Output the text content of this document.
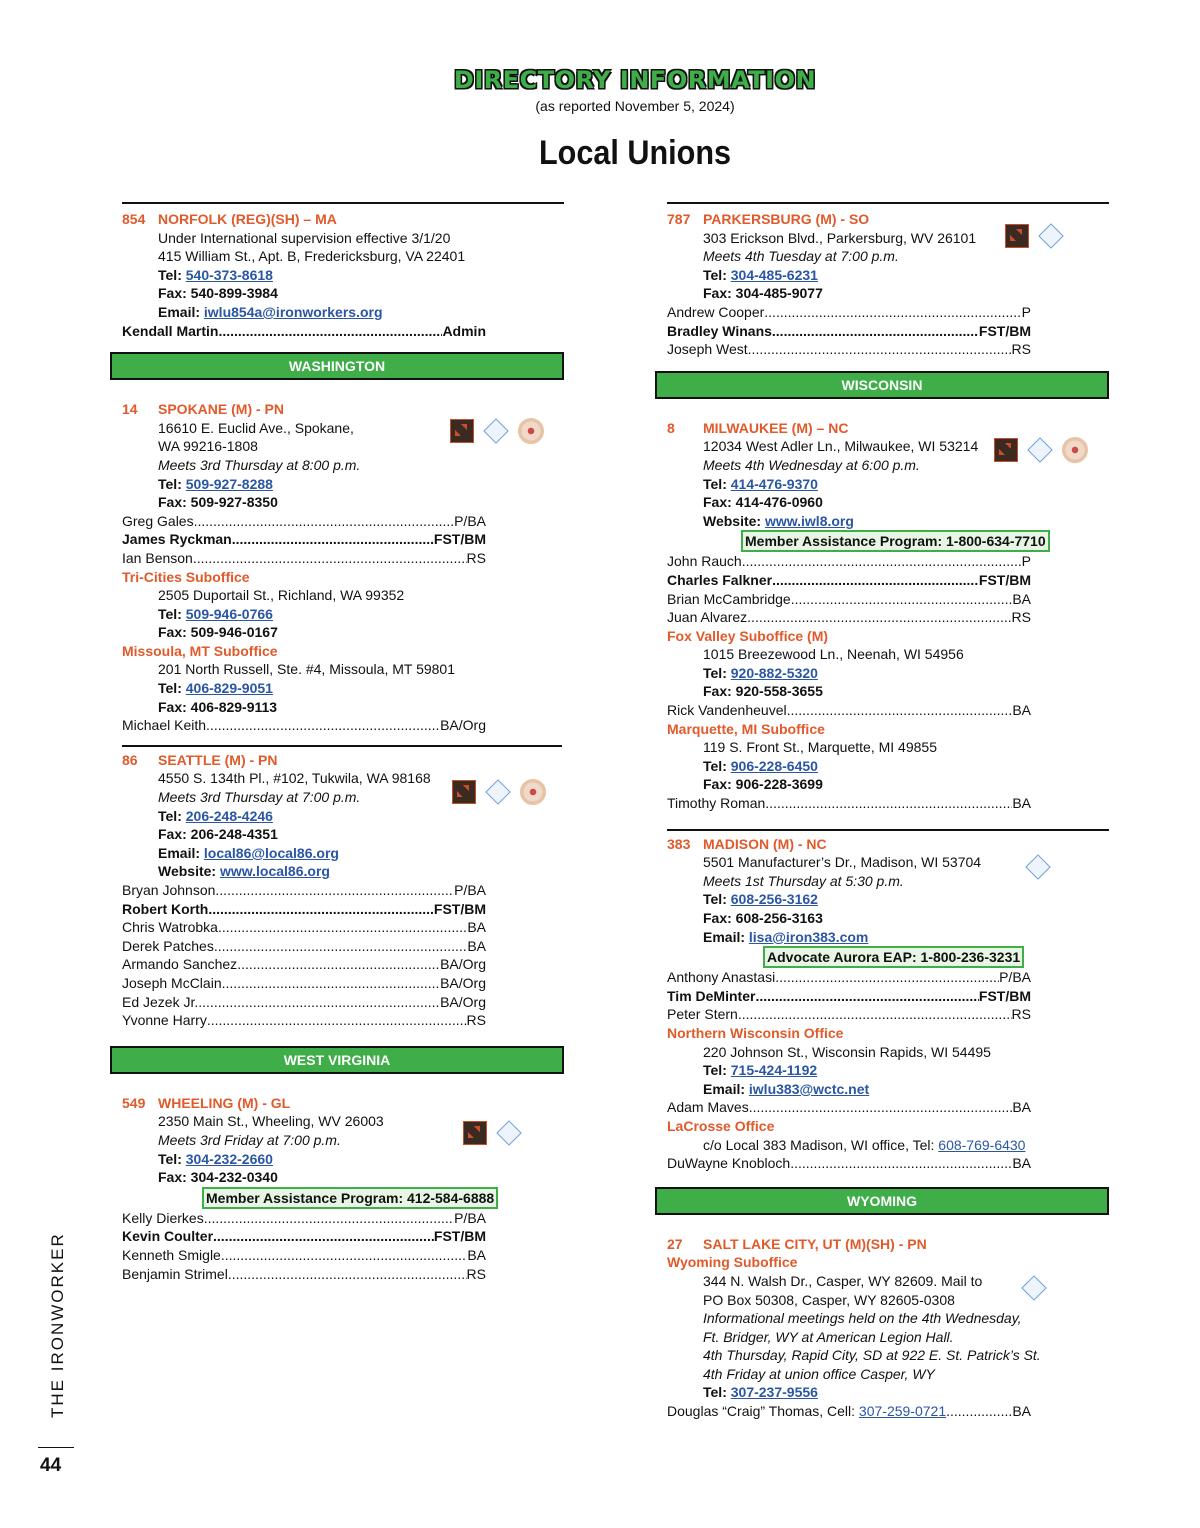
DIRECTORY INFORMATION
(as reported November 5, 2024)
Local Unions
854 NORFOLK (REG)(SH) – MA
Under International supervision effective 3/1/20
415 William St., Apt. B, Fredericksburg, VA 22401
Tel: 540-373-8618
Fax: 540-899-3984
Email: iwlu854a@ironworkers.org
Kendall Martin .....	Admin
WASHINGTON
14 SPOKANE (M) - PN
16610 E. Euclid Ave., Spokane,
WA 99216-1808
Meets 3rd Thursday at 8:00 p.m.
Tel: 509-927-8288
Fax: 509-927-8350
Greg Gales .....	P/BA
James Ryckman .....	FST/BM
Ian Benson .....	RS
Tri-Cities Suboffice
2505 Duportail St., Richland, WA 99352
Tel: 509-946-0766
Fax: 509-946-0167
Missoula, MT Suboffice
201 North Russell, Ste. #4, Missoula, MT 59801
Tel: 406-829-9051
Fax: 406-829-9113
Michael Keith .....	BA/Org
86 SEATTLE (M) - PN
4550 S. 134th Pl., #102, Tukwila, WA 98168
Meets 3rd Thursday at 7:00 p.m.
Tel: 206-248-4246
Fax: 206-248-4351
Email: local86@local86.org
Website: www.local86.org
Bryan Johnson .....	P/BA
Robert Korth .....	FST/BM
Chris Watrobka .....	BA
Derek Patches .....	BA
Armando Sanchez .....	BA/Org
Joseph McClain .....	BA/Org
Ed Jezek Jr. .....	BA/Org
Yvonne Harry .....	RS
WEST VIRGINIA
549 WHEELING (M) - GL
2350 Main St., Wheeling, WV 26003
Meets 3rd Friday at 7:00 p.m.
Tel: 304-232-2660
Fax: 304-232-0340
Member Assistance Program: 412-584-6888
Kelly Dierkes .....	P/BA
Kevin Coulter .....	FST/BM
Kenneth Smigle .....	BA
Benjamin Strimel .....	RS
787 PARKERSBURG (M) - SO
303 Erickson Blvd., Parkersburg, WV 26101
Meets 4th Tuesday at 7:00 p.m.
Tel: 304-485-6231
Fax: 304-485-9077
Andrew Cooper .....	P
Bradley Winans .....	FST/BM
Joseph West .....	RS
WISCONSIN
8 MILWAUKEE (M) – NC
12034 West Adler Ln., Milwaukee, WI 53214
Meets 4th Wednesday at 6:00 p.m.
Tel: 414-476-9370
Fax: 414-476-0960
Website: www.iwl8.org
Member Assistance Program: 1-800-634-7710
John Rauch .....	P
Charles Falkner .....	FST/BM
Brian McCambridge .....	BA
Juan Alvarez .....	RS
Fox Valley Suboffice (M)
1015 Breezewood Ln., Neenah, WI 54956
Tel: 920-882-5320
Fax: 920-558-3655
Rick Vandenheuvel .....	BA
Marquette, MI Suboffice
119 S. Front St., Marquette, MI 49855
Tel: 906-228-6450
Fax: 906-228-3699
Timothy Roman .....	BA
383 MADISON (M) - NC
5501 Manufacturer’s Dr., Madison, WI 53704
Meets 1st Thursday at 5:30 p.m.
Tel: 608-256-3162
Fax: 608-256-3163
Email: lisa@iron383.com
Advocate Aurora EAP: 1-800-236-3231
Anthony Anastasi .....	P/BA
Tim DeMinter .....	FST/BM
Peter Stern .....	RS
Northern Wisconsin Office
220 Johnson St., Wisconsin Rapids, WI 54495
Tel: 715-424-1192
Email: iwlu383@wctc.net
Adam Maves .....	BA
LaCrosse Office
c/o Local 383 Madison, WI office, Tel: 608-769-6430
DuWayne Knobloch .....	BA
WYOMING
27 SALT LAKE CITY, UT (M)(SH) - PN
Wyoming Suboffice
344 N. Walsh Dr., Casper, WY 82609. Mail to
PO Box 50308, Casper, WY 82605-0308
Informational meetings held on the 4th Wednesday,
Ft. Bridger, WY at American Legion Hall.
4th Thursday, Rapid City, SD at 922 E. St. Patrick’s St.
4th Friday at union office Casper, WY
Tel: 307-237-9556
Douglas “Craig” Thomas, Cell: 307-259-0721 .....	BA
THE IRONWORKER
44
